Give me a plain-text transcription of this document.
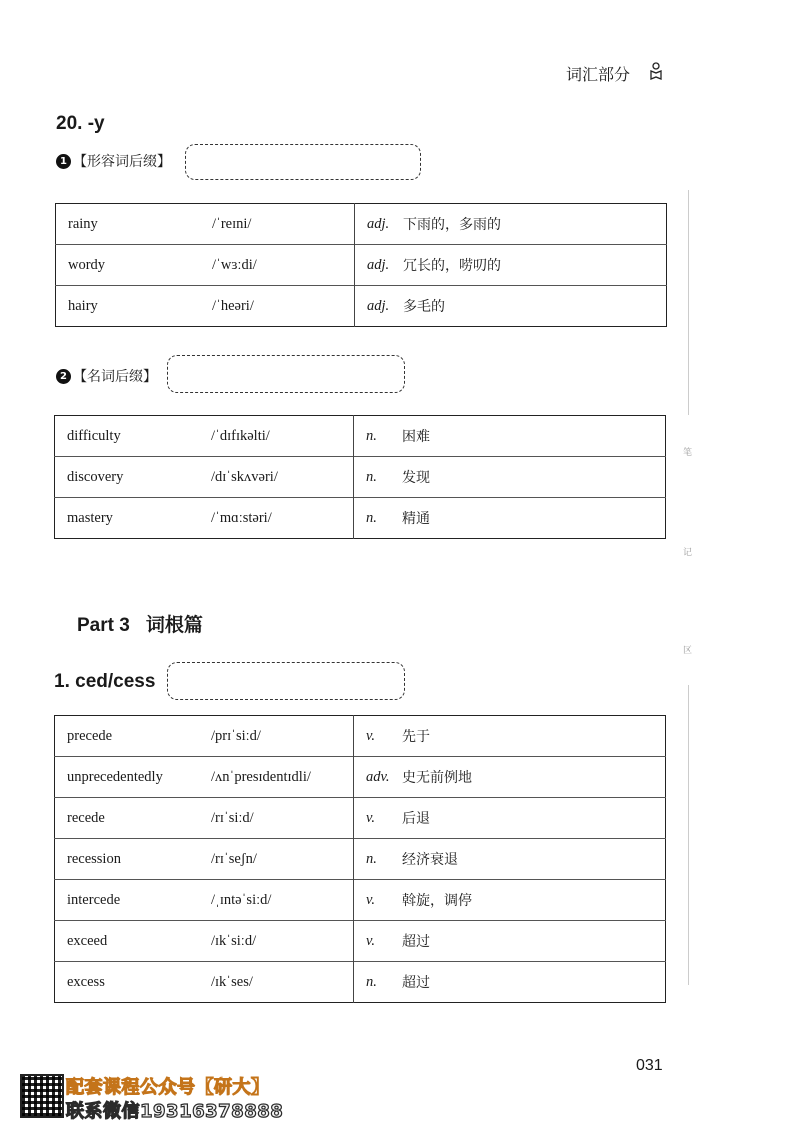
词汇部分
20. -y
1 【形容词后缀】
rainy	/ˈreɪni/	adj.	下雨的，多雨的
wordy	/ˈwɜːdi/	adj.	冗长的，唠叨的
hairy	/ˈheəri/	adj.	多毛的
2 【名词后缀】
difficulty	/ˈdɪfɪkəlti/	n.	困难
discovery	/dɪˈskʌvəri/	n.	发现
mastery	/ˈmɑːstəri/	n.	精通
Part 3 词根篇
1. ced/cess
precede	/prɪˈsiːd/	v.	先于
unprecedentedly	/ʌnˈpresɪdentɪdli/	adv.	史无前例地
recede	/rɪˈsiːd/	v.	后退
recession	/rɪˈseʃn/	n.	经济衰退
intercede	/ˌɪntəˈsiːd/	v.	斡旋，调停
exceed	/ɪkˈsiːd/	v.	超过
excess	/ɪkˈses/	n.	超过
笔
记
区
031
配套课程公众号【研大】
联系微信19316378888
